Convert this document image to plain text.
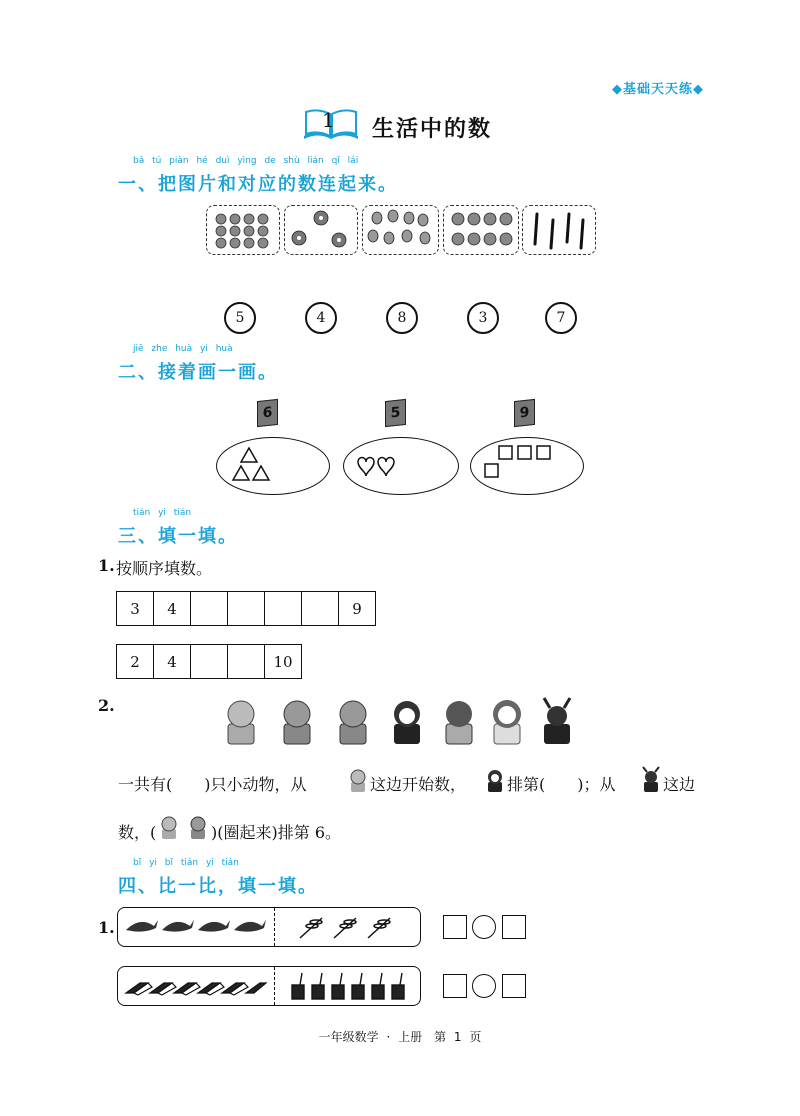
◆基础天天练◆
1 生活中的数
bǎ tú piàn hé duì yìng de shù lián qǐ lái
一、把图片和对应的数连起来。
5	4	8	3	7
jiē zhe huà yi huà
二、接着画一画。
6	5	9
tián yi tián
三、填一填。
1. 按顺序填数。
3	4					9
2	4			10
2.
一共有(　　)只小动物，从	这边开始数，	排第(　　)；从	这边
数，(	)(圈起来)排第 6。
bǐ yi bǐ tián yi tián
四、比一比，填一填。
1.
一年级数学 · 上册　第 1 页
